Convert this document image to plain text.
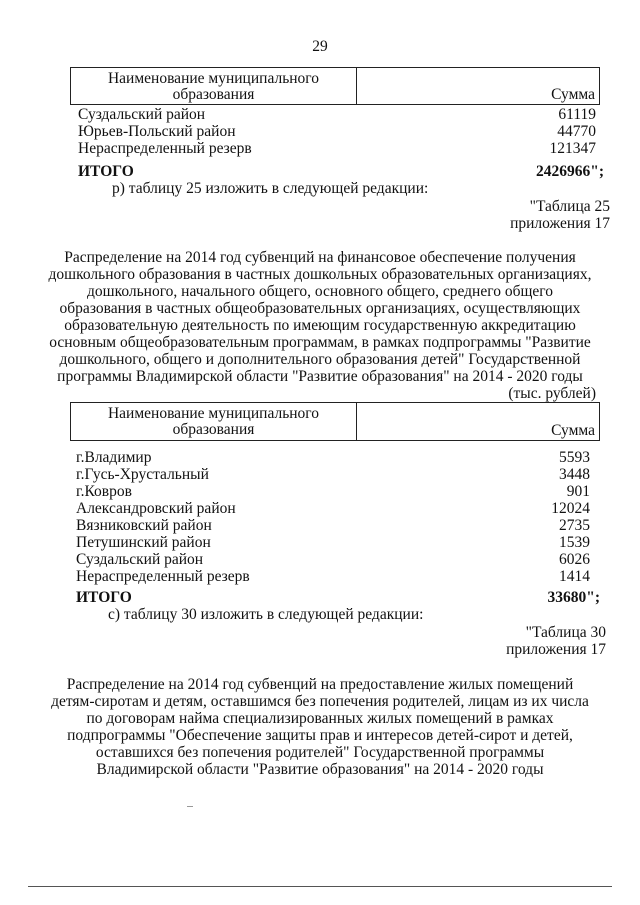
29
Наименование муниципального
образования	Сумма
Суздальский район	61119
Юрьев-Польский район	44770
Нераспределенный резерв	121347
ИТОГО	2426966";
р) таблицу 25 изложить в следующей редакции:
"Таблица 25
приложения 17
Распределение на 2014 год субвенций на финансовое обеспечение получения
дошкольного образования в частных дошкольных образовательных организациях,
дошкольного, начального общего, основного общего, среднего общего
образования в частных общеобразовательных организациях, осуществляющих
образовательную деятельность по имеющим государственную аккредитацию
основным общеобразовательным программам, в рамках подпрограммы "Развитие
дошкольного, общего и дополнительного образования детей" Государственной
программы Владимирской области "Развитие образования" на 2014 - 2020 годы
(тыс. рублей)
Наименование муниципального
образования	Сумма
г.Владимир	5593
г.Гусь-Хрустальный	3448
г.Ковров	901
Александровский район	12024
Вязниковский район	2735
Петушинский район	1539
Суздальский район	6026
Нераспределенный резерв	1414
ИТОГО	33680";
с) таблицу 30 изложить в следующей редакции:
"Таблица 30
приложения 17
Распределение на 2014 год субвенций на предоставление жилых помещений
детям-сиротам и детям, оставшимся без попечения родителей, лицам из их числа
по договорам найма специализированных жилых помещений в рамках
подпрограммы "Обеспечение защиты прав и интересов детей-сирот и детей,
оставшихся без попечения родителей" Государственной программы
Владимирской области "Развитие образования" на 2014 - 2020 годы
